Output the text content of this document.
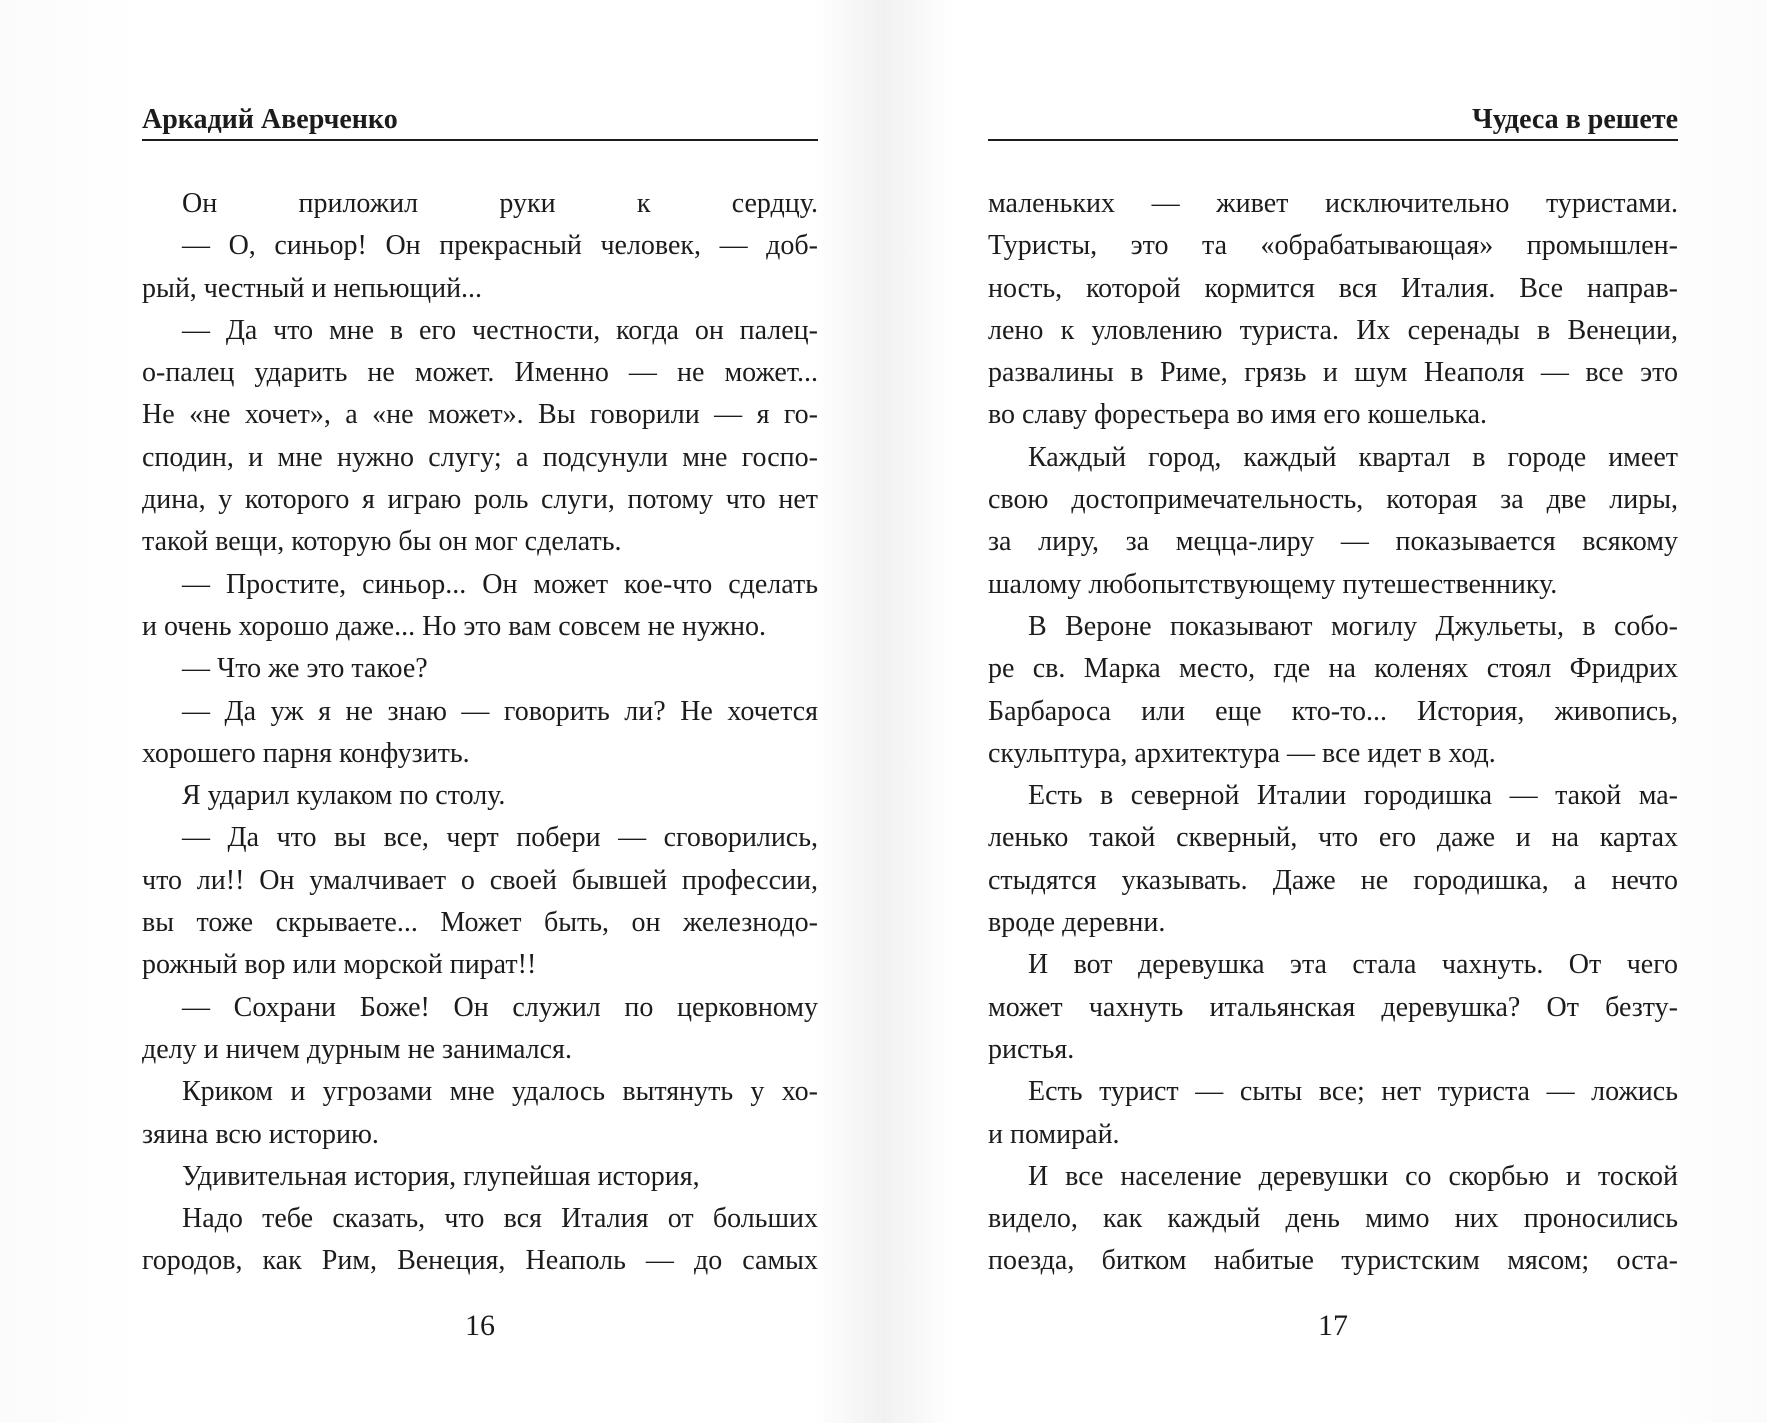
Аркадий Аверченко
Он приложил руки к сердцу.
— О, синьор! Он прекрасный человек, — доб-
рый, честный и непьющий...
— Да что мне в его честности, когда он палец-
о-палец ударить не может. Именно — не может...
Не «не хочет», а «не может». Вы говорили — я го-
сподин, и мне нужно слугу; а подсунули мне госпо-
дина, у которого я играю роль слуги, потому что нет
такой вещи, которую бы он мог сделать.
— Простите, синьор... Он может кое-что сделать
и очень хорошо даже... Но это вам совсем не нужно.
— Что же это такое?
— Да уж я не знаю — говорить ли? Не хочется
хорошего парня конфузить.
Я ударил кулаком по столу.
— Да что вы все, черт побери — сговорились,
что ли!! Он умалчивает о своей бывшей профессии,
вы тоже скрываете... Может быть, он железнодо-
рожный вор или морской пират!!
— Сохрани Боже! Он служил по церковному
делу и ничем дурным не занимался.
Криком и угрозами мне удалось вытянуть у хо-
зяина всю историю.
Удивительная история, глупейшая история,
Надо тебе сказать, что вся Италия от больших
городов, как Рим, Венеция, Неаполь — до самых
16
Чудеса в решете
маленьких — живет исключительно туристами.
Туристы, это та «обрабатывающая» промышлен-
ность, которой кормится вся Италия. Все направ-
лено к уловлению туриста. Их серенады в Венеции,
развалины в Риме, грязь и шум Неаполя — все это
во славу форестьера во имя его кошелька.
Каждый город, каждый квартал в городе имеет
свою достопримечательность, которая за две лиры,
за лиру, за мецца-лиру — показывается всякому
шалому любопытствующему путешественнику.
В Вероне показывают могилу Джульеты, в собо-
ре св. Марка место, где на коленях стоял Фридрих
Барбароса или еще кто-то... История, живопись,
скульптура, архитектура — все идет в ход.
Есть в северной Италии городишка — такой ма-
ленько такой скверный, что его даже и на картах
стыдятся указывать. Даже не городишка, а нечто
вроде деревни.
И вот деревушка эта стала чахнуть. От чего
может чахнуть итальянская деревушка? От безту-
ристья.
Есть турист — сыты все; нет туриста — ложись
и помирай.
И все население деревушки со скорбью и тоской
видело, как каждый день мимо них проносились
поезда, битком набитые туристским мясом; оста-
17
